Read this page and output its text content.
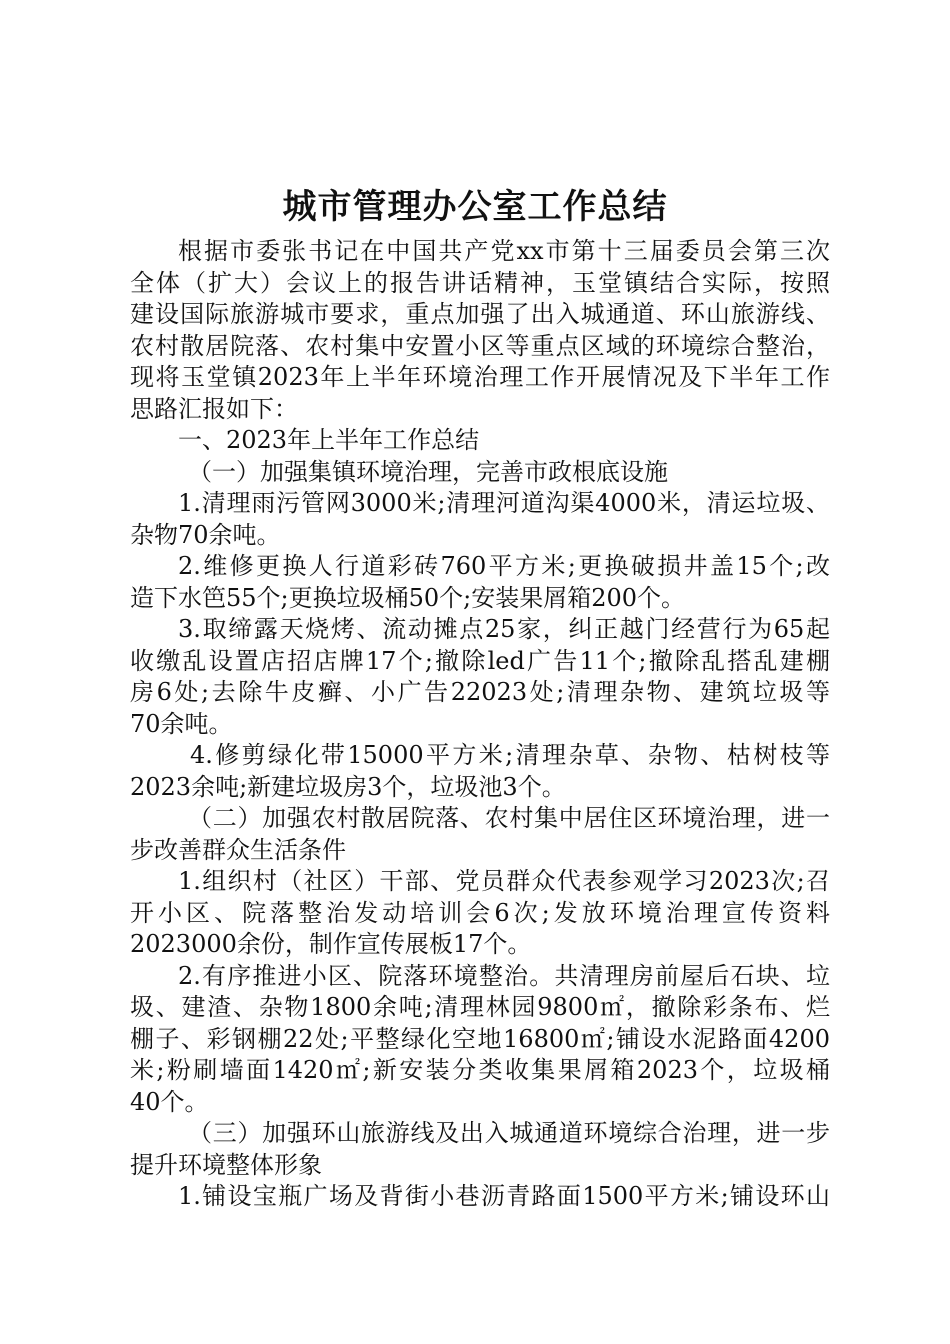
城市管理办公室工作总结
根据市委张书记在中国共产党xx市第十三届委员会第三次
全体（扩大）会议上的报告讲话精神，玉堂镇结合实际，按照
建设国际旅游城市要求，重点加强了出入城通道、环山旅游线、
农村散居院落、农村集中安置小区等重点区域的环境综合整治，
现将玉堂镇2023年上半年环境治理工作开展情况及下半年工作
思路汇报如下：
一、2023年上半年工作总结
（一）加强集镇环境治理，完善市政根底设施
1.清理雨污管网3000米;清理河道沟渠4000米，清运垃圾、
杂物70余吨。
2.维修更换人行道彩砖760平方米;更换破损井盖15个;改
造下水笆55个;更换垃圾桶50个;安装果屑箱200个。
3.取缔露天烧烤、流动摊点25家，纠正越门经营行为65起
收缴乱设置店招店牌17个;撤除led广告11个;撤除乱搭乱建棚
房6处;去除牛皮癣、小广告22023处;清理杂物、建筑垃圾等
70余吨。
4.修剪绿化带15000平方米;清理杂草、杂物、枯树枝等
2023余吨;新建垃圾房3个，垃圾池3个。
（二）加强农村散居院落、农村集中居住区环境治理，进一
步改善群众生活条件
1.组织村（社区）干部、党员群众代表参观学习2023次;召
开小区、院落整治发动培训会6次;发放环境治理宣传资料
2023000余份，制作宣传展板17个。
2.有序推进小区、院落环境整治。共清理房前屋后石块、垃
圾、建渣、杂物1800余吨;清理林园9800㎡，撤除彩条布、烂
棚子、彩钢棚22处;平整绿化空地16800㎡;铺设水泥路面4200
米;粉刷墙面1420㎡;新安装分类收集果屑箱2023个，垃圾桶
40个。
（三）加强环山旅游线及出入城通道环境综合治理，进一步
提升环境整体形象
1.铺设宝瓶广场及背街小巷沥青路面1500平方米;铺设环山
